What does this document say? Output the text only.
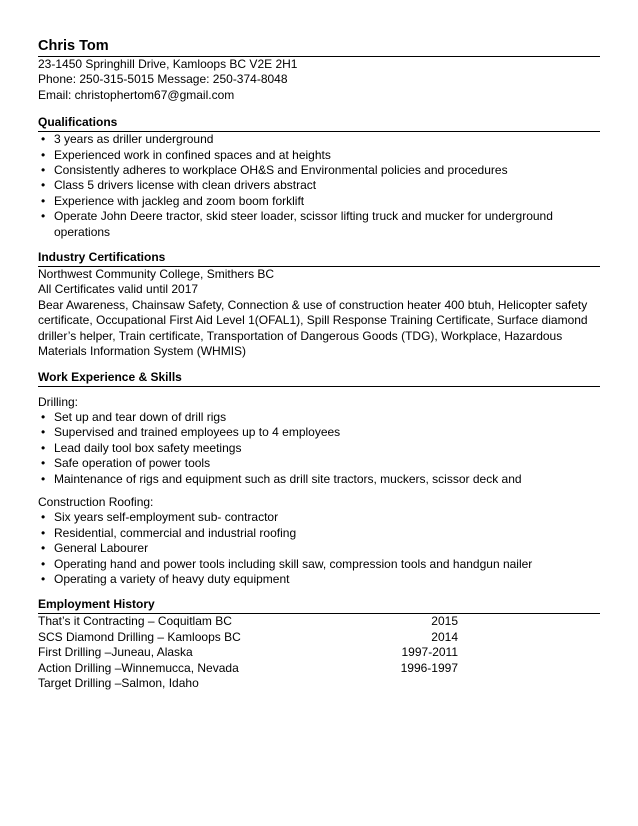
Chris Tom
23-1450 Springhill Drive, Kamloops BC V2E 2H1
Phone: 250-315-5015 Message: 250-374-8048
Email: christophertom67@gmail.com
Qualifications
• 3 years as driller underground
• Experienced work in confined spaces and at heights
• Consistently adheres to workplace OH&S and Environmental policies and procedures
• Class 5 drivers license with clean drivers abstract
• Experience with jackleg and zoom boom forklift
• Operate John Deere tractor, skid steer loader, scissor lifting truck and mucker for underground operations
Industry Certifications
Northwest Community College, Smithers BC
All Certificates valid until 2017
Bear Awareness, Chainsaw Safety, Connection & use of construction heater 400 btuh, Helicopter safety certificate, Occupational First Aid Level 1(OFAL1), Spill Response Training Certificate, Surface diamond driller’s helper, Train certificate, Transportation of Dangerous Goods (TDG), Workplace, Hazardous Materials Information System (WHMIS)
Work Experience & Skills
Drilling:
• Set up and tear down of drill rigs
• Supervised and trained employees up to 4 employees
• Lead daily tool box safety meetings
• Safe operation of power tools
• Maintenance of rigs and equipment such as drill site tractors, muckers, scissor deck and
Construction Roofing:
• Six years self-employment sub- contractor
• Residential, commercial and industrial roofing
• General Labourer
• Operating hand and power tools including skill saw, compression tools and handgun nailer
• Operating a variety of heavy duty equipment
Employment History
That’s it Contracting – Coquitlam BC	2015
SCS Diamond Drilling – Kamloops BC	2014
First Drilling –Juneau, Alaska	1997-2011
Action Drilling –Winnemucca, Nevada	1996-1997
Target Drilling –Salmon, Idaho
